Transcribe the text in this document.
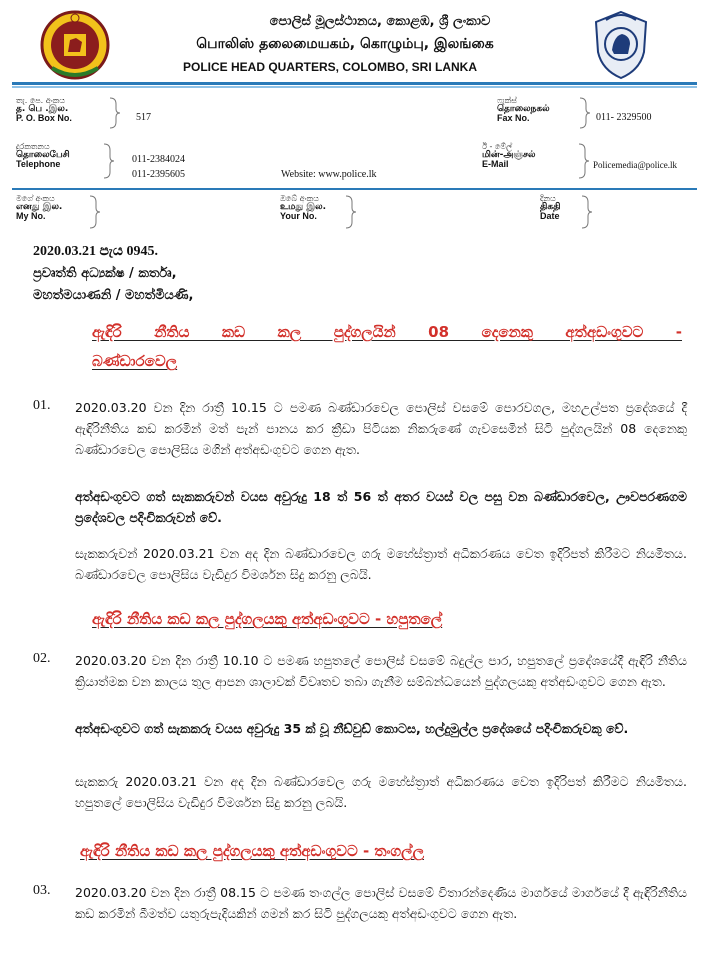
පොලිස් මූලස්ථානය, කොළඹ, ශ්‍රී ලංකාව
பொலிஸ் தலைமையகம், கொழும்பு, இலங்கை
POLICE HEAD QUARTERS, COLOMBO, SRI LANKA
තැ. පෙ. අංකය
த. பெ .இல.
P. O. Box No.	517
ෆැක්ස්
தொலைநகல்
Fax No.	011- 2329500
දුරකතනය
தொலைபேசி
Telephone	011-2384024
011-2395605	Website: www.police.lk
ඊ - මේල්
மின்-அஞ்சல்
E-Mail	Policemedia@police.lk
මගේ අංකය
எனது இல.
My No.
ඔබේ අංකය
உமது இல.
Your No.
දිනය
திகதி
Date
2020.03.21 පැය 0945.
ප්‍රවෘත්ති අධ්‍යක්ෂ / කර්තෘ,
මහත්මයාණනි / මහත්මියණි,
ඇඳිරි නීතිය කඩ කල පුද්ගලයින් 08 දෙනෙකු අත්අඩංගුවට -
බණ්ඩාරවෙල
01. 2020.03.20 වන දින රාත්‍රී 10.15 ට පමණ බණ්ඩාරවෙල පොලිස් වසමේ පොරවගල, මහඋල්පත ප්‍රදේශයේ දී ඇඳිරිනීතිය කඩ කරමින් මත් පැන් පානය කර ක්‍රීඩා පිටියක නිකරුණේ ගැවසෙමින් සිටි පුද්ගලයින් 08 දෙනෙකු බණ්ඩාරවෙල පොලිසිය මගින් අත්අඩංගුවට ගෙන ඇත.
අත්අඩංගුවට ගත් සැකකරුවන් වයස අවුරුදු 18 ත් 56 ත් අතර වයස් වල පසු වන බණ්ඩාරවෙල, ඌවපරණගම ප්‍රදේශවල පදිංචිකරුවන් වේ.
සැකකරුවන් 2020.03.21 වන අද දින බණ්ඩාරවෙල ගරු මහේස්ත්‍රාත් අධිකරණය වෙත ඉදිරිපත් කිරීමට නියමිතය. බණ්ඩාරවෙල පොලිසිය වැඩිදුර විමර්ශන සිදු කරනු ලබයි.
ඇඳිරි නීතිය කඩ කල පුද්ගලයකු අත්අඩංගුවට - හපුතලේ
02. 2020.03.20 වන දින රාත්‍රී 10.10 ට පමණ හපුතලේ පොලිස් වසමේ බදුල්ල පාර, හපුතලේ ප්‍රදේශයේදී ඇඳිරි නීතිය ක්‍රියාත්මක වන කාලය තුල ආපන ශාලාවක් විවෘතව තබා ගැනීම සම්බන්ධයෙන් පුද්ගලයකු අත්අඩංගුවට ගෙන ඇත.
අත්අඩංගුවට ගත් සැකකරු වයස අවුරුදු 35 ක් වූ නීඩ්වුඩ් කොටස, හල්දුමුල්ල ප්‍රදේශයේ පදිංචිකරුවකු වේ.
සැකකරු 2020.03.21 වන අද දින බණ්ඩාරවෙල ගරු මහේස්ත්‍රාත් අධිකරණය වෙත ඉදිරිපත් කිරීමට නියමිතය. හපුතලේ පොලිසිය වැඩිදුර විමර්ශන සිදු කරනු ලබයි.
ඇඳිරි නීතිය කඩ කල පුද්ගලයකු අත්අඩංගුවට - තංගල්ල
03. 2020.03.20 වන දින රාත්‍රී 08.15 ට පමණ තංගල්ල පොලිස් වසමේ විතාරන්දෙණිය මාර්ගයේ මාර්ගයේ දී ඇඳිරිනීතිය කඩ කරමින් බීමත්ව යතුරුපැදියකින් ගමන් කර සිටි පුද්ගලයකු අත්අඩංගුවට ගෙන ඇත.
